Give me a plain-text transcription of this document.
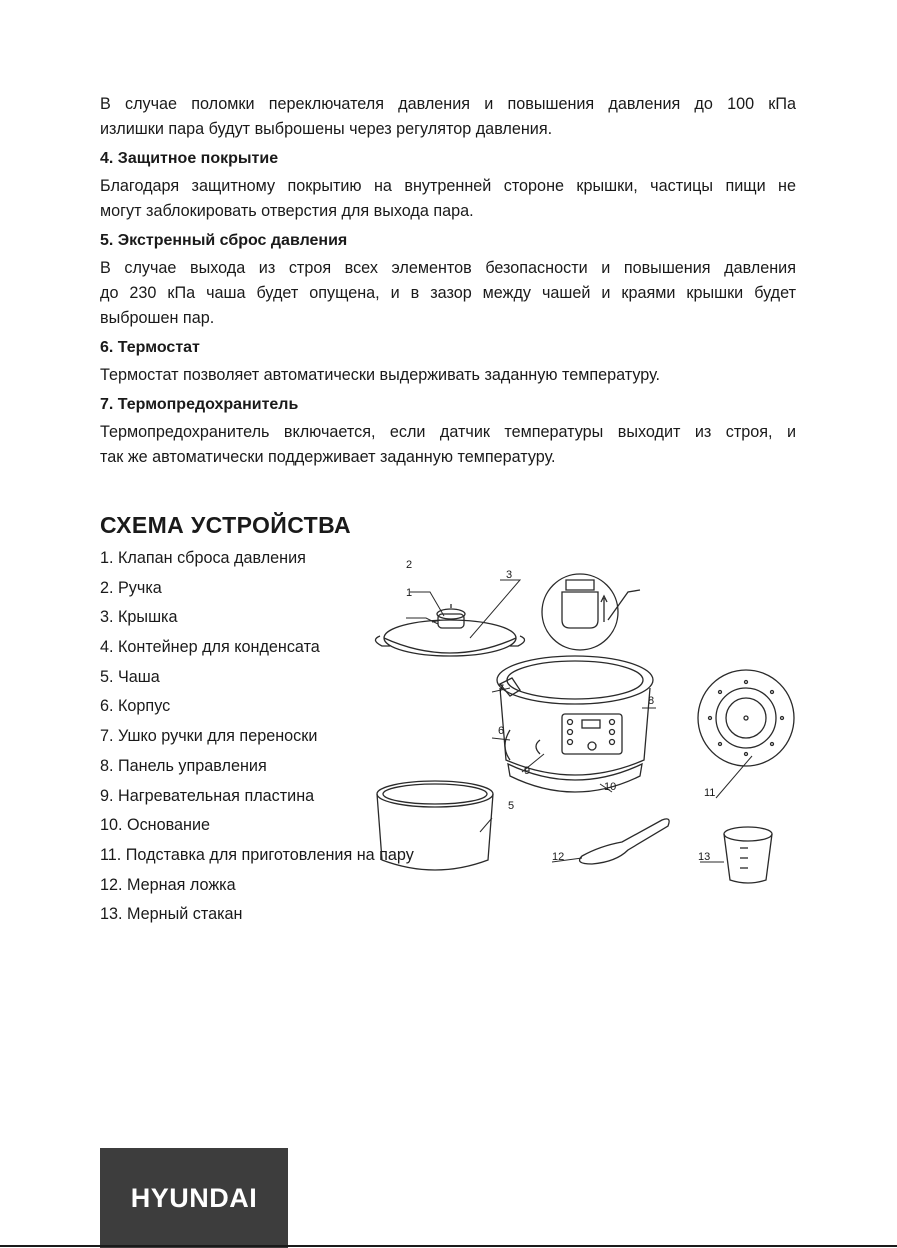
В случае поломки переключателя давления и повышения давления до 100 кПа
излишки пара будут выброшены через регулятор давления.

4. Защитное покрытие

Благодаря защитному покрытию на внутренней стороне крышки, частицы пищи не
могут заблокировать отверстия для выхода пара.

5. Экстренный сброс давления

В случае выхода из строя всех элементов безопасности и повышения давления
до 230 кПа чаша будет опущена, и в зазор между чашей и краями крышки будет
выброшен пар.

6. Термостат

Термостат позволяет автоматически выдерживать заданную температуру.

7. Термопредохранитель

Термопредохранитель включается, если датчик температуры выходит из строя, и
так же автоматически поддерживает заданную температуру.

СХЕМА УСТРОЙСТВА
1. Клапан сброса давления
2. Ручка
3. Крышка
4. Контейнер для конденсата
5. Чаша
6. Корпус
7. Ушко ручки для переноски
8. Панель управления
9. Нагревательная пластина
10. Основание
11. Подставка для приготовления на пару
12. Мерная ложка
13. Мерный стакан
2
1
3
7
8
6
9
10	11
5
12	13
HYUNDAI
